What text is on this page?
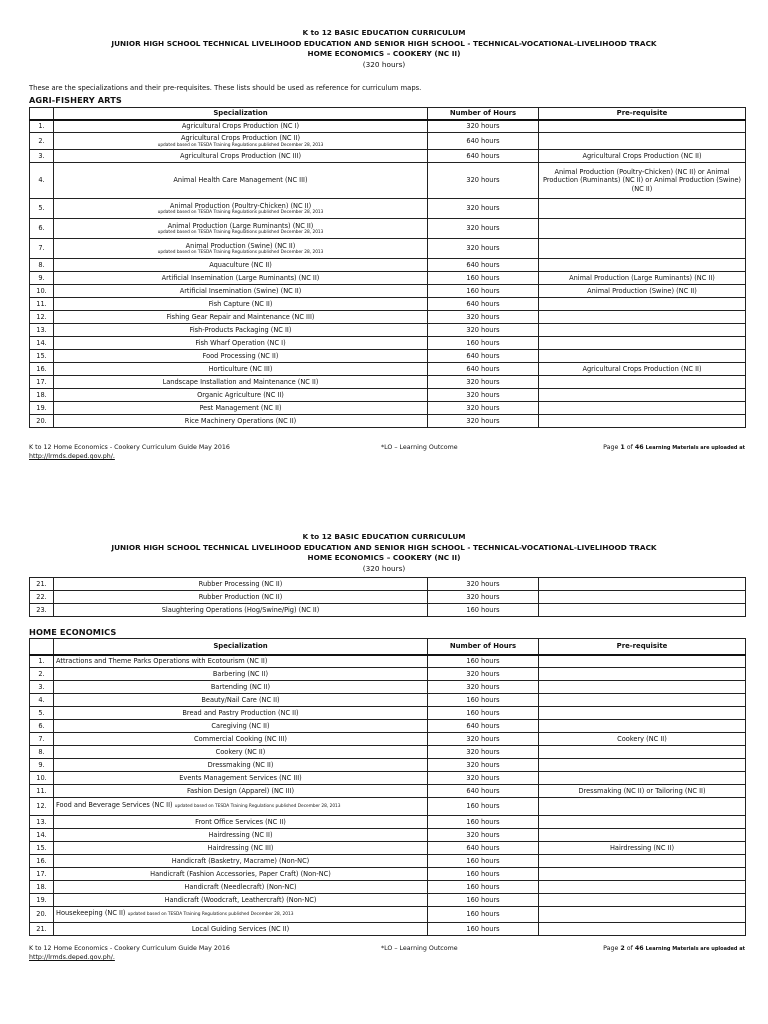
K to 12 BASIC EDUCATION CURRICULUM
JUNIOR HIGH SCHOOL TECHNICAL LIVELIHOOD EDUCATION AND SENIOR HIGH SCHOOL - TECHNICAL-VOCATIONAL-LIVELIHOOD TRACK
HOME ECONOMICS – COOKERY (NC II)
(320 hours)
These are the specializations and their pre-requisites. These lists should be used as reference for curriculum maps.
AGRI-FISHERY ARTS
	Specialization	Number of Hours	Pre-requisite
1.	Agricultural Crops Production (NC I)	320 hours	
2.	Agricultural Crops Production (NC II)
updated based on TESDA Training Regulations published December 28, 2013	640 hours	
3.	Agricultural Crops Production (NC III)	640 hours	Agricultural Crops Production (NC II)
4.	Animal Health Care Management (NC III)	320 hours	Animal Production (Poultry-Chicken) (NC II) or Animal Production (Ruminants) (NC II) or Animal Production (Swine) (NC II)
5.	Animal Production (Poultry-Chicken) (NC II)
updated based on TESDA Training Regulations published December 28, 2013	320 hours	
6.	Animal Production (Large Ruminants) (NC II)
updated based on TESDA Training Regulations published December 28, 2013	320 hours	
7.	Animal Production (Swine) (NC II)
updated based on TESDA Training Regulations published December 28, 2013	320 hours	
8.	Aquaculture (NC II)	640 hours	
9.	Artificial Insemination (Large Ruminants) (NC II)	160 hours	Animal Production (Large Ruminants) (NC II)
10.	Artificial Insemination (Swine) (NC II)	160 hours	Animal Production (Swine) (NC II)
11.	Fish Capture (NC II)	640 hours	
12.	Fishing Gear Repair and Maintenance (NC III)	320 hours	
13.	Fish-Products Packaging (NC II)	320 hours	
14.	Fish Wharf Operation (NC I)	160 hours	
15.	Food Processing (NC II)	640 hours	
16.	Horticulture (NC III)	640 hours	Agricultural Crops Production (NC II)
17.	Landscape Installation and Maintenance (NC II)	320 hours	
18.	Organic Agriculture (NC II)	320 hours	
19.	Pest Management (NC II)	320 hours	
20.	Rice Machinery Operations (NC II)	320 hours	
K to 12 Home Economics - Cookery Curriculum Guide May 2016	*LO – Learning Outcome	Page 1 of 46 Learning Materials are uploaded at
http://lrmds.deped.gov.ph/.
K to 12 BASIC EDUCATION CURRICULUM
JUNIOR HIGH SCHOOL TECHNICAL LIVELIHOOD EDUCATION AND SENIOR HIGH SCHOOL - TECHNICAL-VOCATIONAL-LIVELIHOOD TRACK
HOME ECONOMICS – COOKERY (NC II)
(320 hours)
21.	Rubber Processing (NC II)	320 hours	
22.	Rubber Production (NC II)	320 hours	
23.	Slaughtering Operations (Hog/Swine/Pig) (NC II)	160 hours	
HOME ECONOMICS
	Specialization	Number of Hours	Pre-requisite
1.	Attractions and Theme Parks Operations with Ecotourism (NC II)	160 hours	
2.	Barbering (NC II)	320 hours	
3.	Bartending (NC II)	320 hours	
4.	Beauty/Nail Care (NC II)	160 hours	
5.	Bread and Pastry Production (NC II)	160 hours	
6.	Caregiving (NC II)	640 hours	
7.	Commercial Cooking (NC III)	320 hours	Cookery (NC II)
8.	Cookery (NC II)	320 hours	
9.	Dressmaking (NC II)	320 hours	
10.	Events Management Services (NC III)	320 hours	
11.	Fashion Design (Apparel) (NC III)	640 hours	Dressmaking (NC II) or Tailoring (NC II)
12.	Food and Beverage Services (NC II) updated based on TESDA Training Regulations published December 28, 2013	160 hours	
13.	Front Office Services (NC II)	160 hours	
14.	Hairdressing (NC II)	320 hours	
15.	Hairdressing (NC III)	640 hours	Hairdressing (NC II)
16.	Handicraft (Basketry, Macrame) (Non-NC)	160 hours	
17.	Handicraft (Fashion Accessories, Paper Craft) (Non-NC)	160 hours	
18.	Handicraft (Needlecraft) (Non-NC)	160 hours	
19.	Handicraft (Woodcraft, Leathercraft) (Non-NC)	160 hours	
20.	Housekeeping (NC II) updated based on TESDA Training Regulations published December 28, 2013	160 hours	
21.	Local Guiding Services (NC II)	160 hours	
K to 12 Home Economics - Cookery Curriculum Guide May 2016	*LO – Learning Outcome	Page 2 of 46 Learning Materials are uploaded at
http://lrmds.deped.gov.ph/.
